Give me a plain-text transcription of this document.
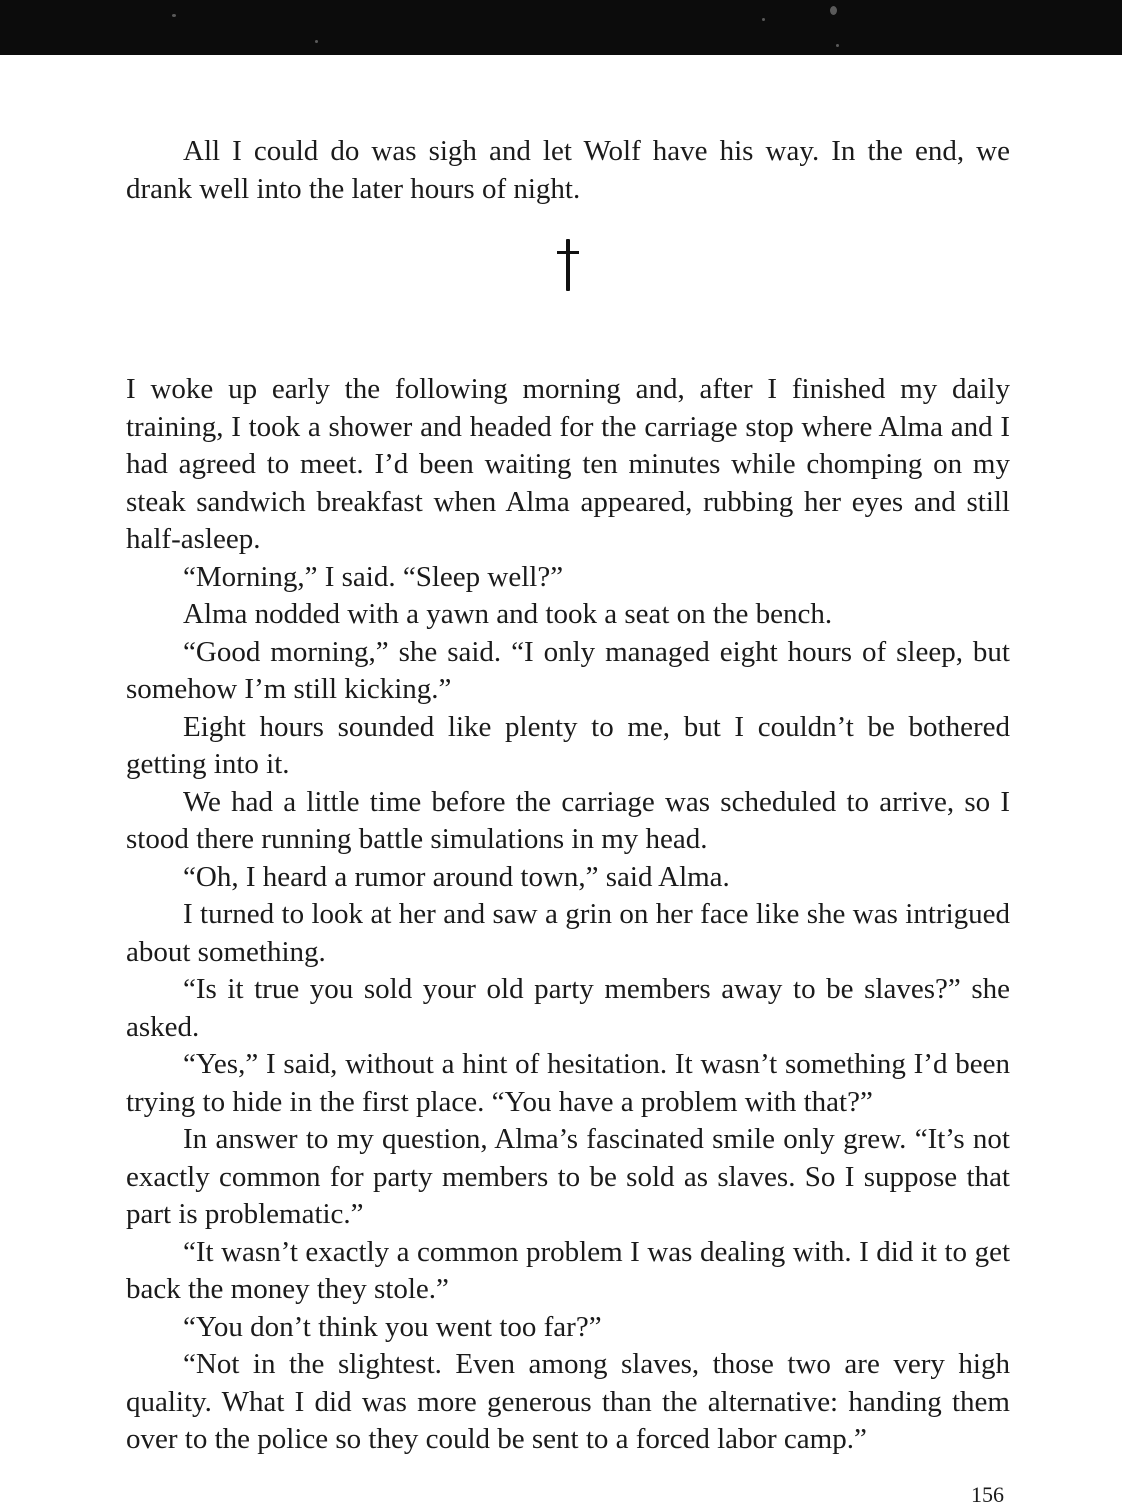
All I could do was sigh and let Wolf have his way. In the end, we drank well into the later hours of night.

I woke up early the following morning and, after I finished my daily training, I took a shower and headed for the carriage stop where Alma and I had agreed to meet. I’d been waiting ten minutes while chomping on my steak sandwich breakfast when Alma appeared, rubbing her eyes and still half-asleep.

“Morning,” I said. “Sleep well?”

Alma nodded with a yawn and took a seat on the bench.

“Good morning,” she said. “I only managed eight hours of sleep, but somehow I’m still kicking.”

Eight hours sounded like plenty to me, but I couldn’t be bothered getting into it.

We had a little time before the carriage was scheduled to arrive, so I stood there running battle simulations in my head.

“Oh, I heard a rumor around town,” said Alma.

I turned to look at her and saw a grin on her face like she was intrigued about something.

“Is it true you sold your old party members away to be slaves?” she asked.

“Yes,” I said, without a hint of hesitation. It wasn’t something I’d been trying to hide in the first place. “You have a problem with that?”

In answer to my question, Alma’s fascinated smile only grew. “It’s not exactly common for party members to be sold as slaves. So I suppose that part is problematic.”

“It wasn’t exactly a common problem I was dealing with. I did it to get back the money they stole.”

“You don’t think you went too far?”

“Not in the slightest. Even among slaves, those two are very high quality. What I did was more generous than the alternative: handing them over to the police so they could be sent to a forced labor camp.”

156
